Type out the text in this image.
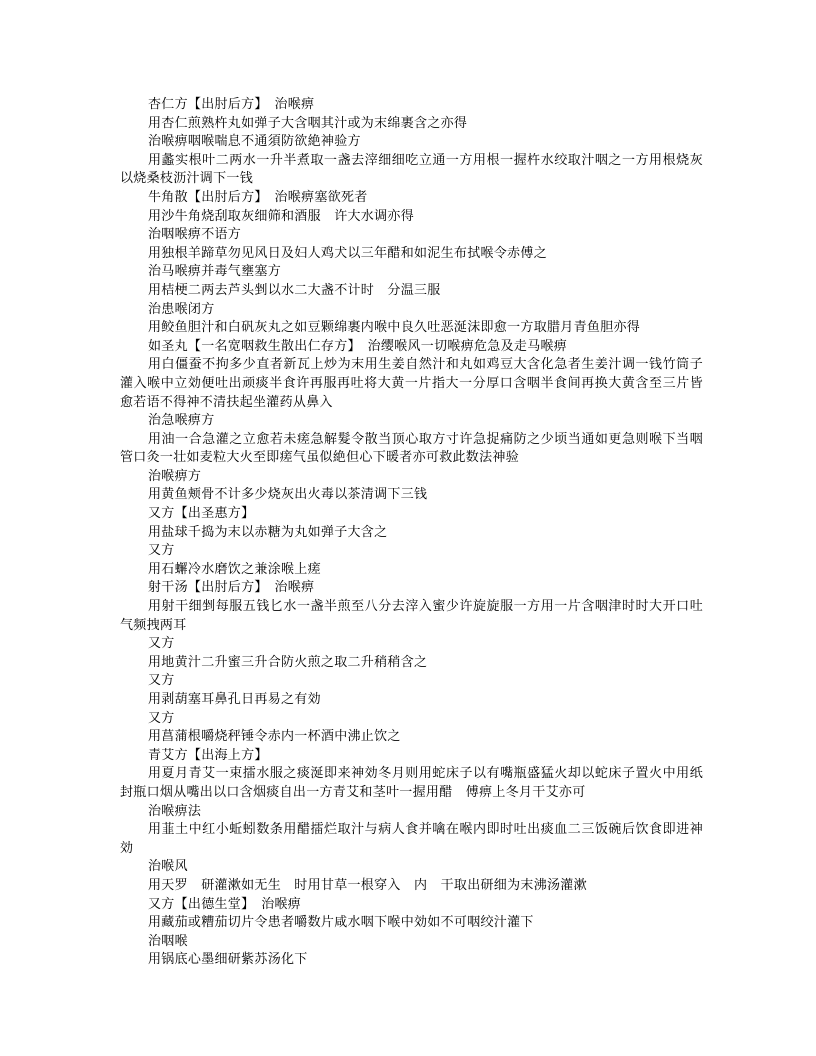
杏仁方【出肘后方】　治喉痹

用杏仁煎熟杵丸如弹子大含咽其汁或为末绵裹含之亦得

治喉痹咽喉喘息不通須防欲絶神验方

用蠡实根叶二两水一升半煮取一盏去滓细细吃立通一方用根一握杵水绞取汁咽之一方用根烧灰以烧桑枝沥汁调下一钱

牛角散【出肘后方】　治喉痹塞欲死者

用沙牛角烧刮取灰细筛和酒服　许大水调亦得

治咽喉痹不语方

用独根羊蹄草勿见风日及妇人鸡犬以三年醋和如泥生布拭喉令赤傅之

治马喉痹并毒气壅塞方

用桔梗二两去芦头剉以水二大盏不计时　分温三服

治患喉闭方

用鲛鱼胆汁和白矾灰丸之如豆颗绵裹内喉中良久吐恶涎沫即愈一方取腊月青鱼胆亦得

如圣丸【一名宽咽救生散出仁存方】　治缨喉风一切喉痹危急及走马喉痹

用白僵蚕不拘多少直者新瓦上炒为末用生姜自然汁和丸如鸡豆大含化急者生姜汁调一钱竹筒子灌入喉中立効便吐出顽痰半食许再服再吐将大黄一片指大一分厚口含咽半食间再换大黄含至三片皆愈若语不得神不清扶起坐灌药从鼻入

治急喉痹方

用油一合急灌之立愈若未瘥急解髮令散当顶心取方寸许急捉痛防之少顷当通如更急则喉下当咽管口灸一壮如麦粒大火至即瘥气虽似絶但心下暖者亦可救此数法神验

治喉痹方

用黄鱼颊骨不计多少烧灰出火毒以茶清调下三钱

又方【出圣惠方】

用盐球千捣为末以赤糖为丸如弹子大含之

又方

用石蠏冷水磨饮之兼涂喉上瘥

射干汤【出肘后方】　治喉痹

用射干细剉每服五钱匕水一盏半煎至八分去滓入蜜少许旋旋服一方用一片含咽津时时大开口吐气频拽两耳

又方

用地黄汁二升蜜三升合防火煎之取二升稍稍含之

又方

用剥葫塞耳鼻孔日再易之有効

又方

用菖蒲根嚼烧秤锤令赤内一杯酒中沸止饮之

青艾方【出海上方】

用夏月青艾一束擂水服之痰涎即来神効冬月则用蛇床子以有嘴瓶盛猛火却以蛇床子置火中用纸封瓶口烟从嘴出以口含烟痰自出一方青艾和茎叶一握用醋　傅痹上冬月干艾亦可

治喉痹法

用韮土中红小蚯蚓数条用醋擂烂取汁与病人食并噙在喉内即时吐出痰血二三饭碗后饮食即进神効

治喉风

用天罗　研灌漱如无生　时用甘草一根穿入　内　干取出研细为末沸汤灌漱

又方【出德生堂】　治喉痹

用藏茄或糟茄切片令患者嚼数片咸水咽下喉中効如不可咽绞汁灌下

治咽喉

用锅底心墨细研紫苏汤化下
